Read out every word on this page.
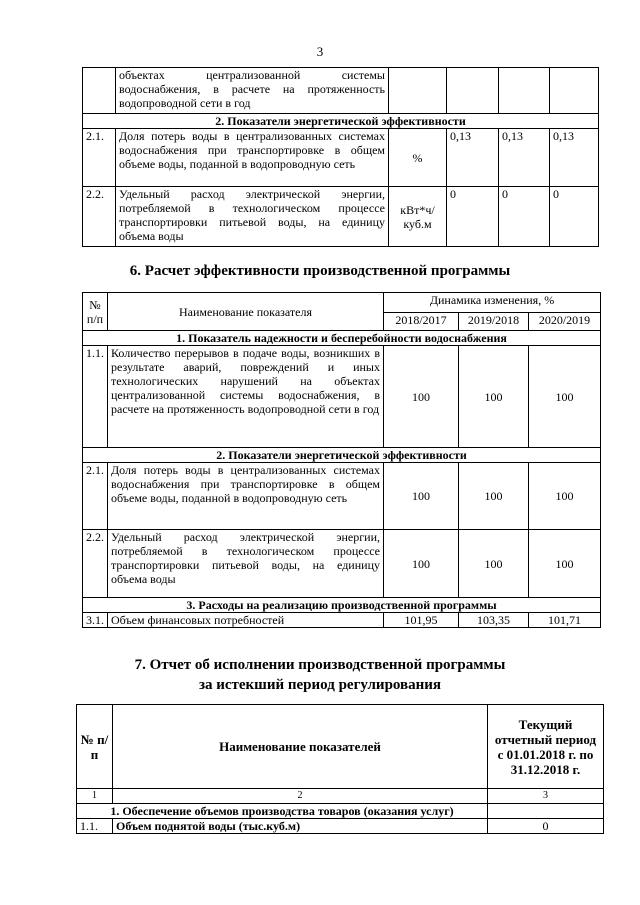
3
	объектах централизованной системы водоснабжения, в расчете на протяженность водопроводной сети в год				
2. Показатели энергетической эффективности					
2.1.	Доля потерь воды в централизованных системах водоснабжения при транспортировке в общем объеме воды, поданной в водопроводную сеть	%	0,13	0,13	0,13
2.2.	Удельный расход электрической энергии, потребляемой в технологическом процессе транспортировки питьевой воды, на единицу объема воды	кВт*ч/куб.м	0	0	0
6. Расчет эффективности производственной программы
№ п/п	Наименование показателя	Динамика изменения, %		
		2018/2017	2019/2018	2020/2019
1. Показатель надежности и бесперебойности водоснабжения				
1.1.	Количество перерывов в подаче воды, возникших в результате аварий, повреждений и иных технологических нарушений на объектах централизованной системы водоснабжения, в расчете на протяженность водопроводной сети в год	100	100	100
2. Показатели энергетической эффективности				
2.1.	Доля потерь воды в централизованных системах водоснабжения при транспортировке в общем объеме воды, поданной в водопроводную сеть	100	100	100
2.2.	Удельный расход электрической энергии, потребляемой в технологическом процессе транспортировки питьевой воды, на единицу объема воды	100	100	100
3. Расходы на реализацию производственной программы				
3.1.	Объем финансовых потребностей	101,95	103,35	101,71
7. Отчет об исполнении производственной программы
за истекший период регулирования
№ п/п	Наименование показателей	Текущий отчетный период с 01.01.2018 г. по 31.12.2018 г.
1	2	3
1. Обеспечение объемов производства товаров (оказания услуг)		
1.1.	Объем поднятой воды (тыс.куб.м)	0
